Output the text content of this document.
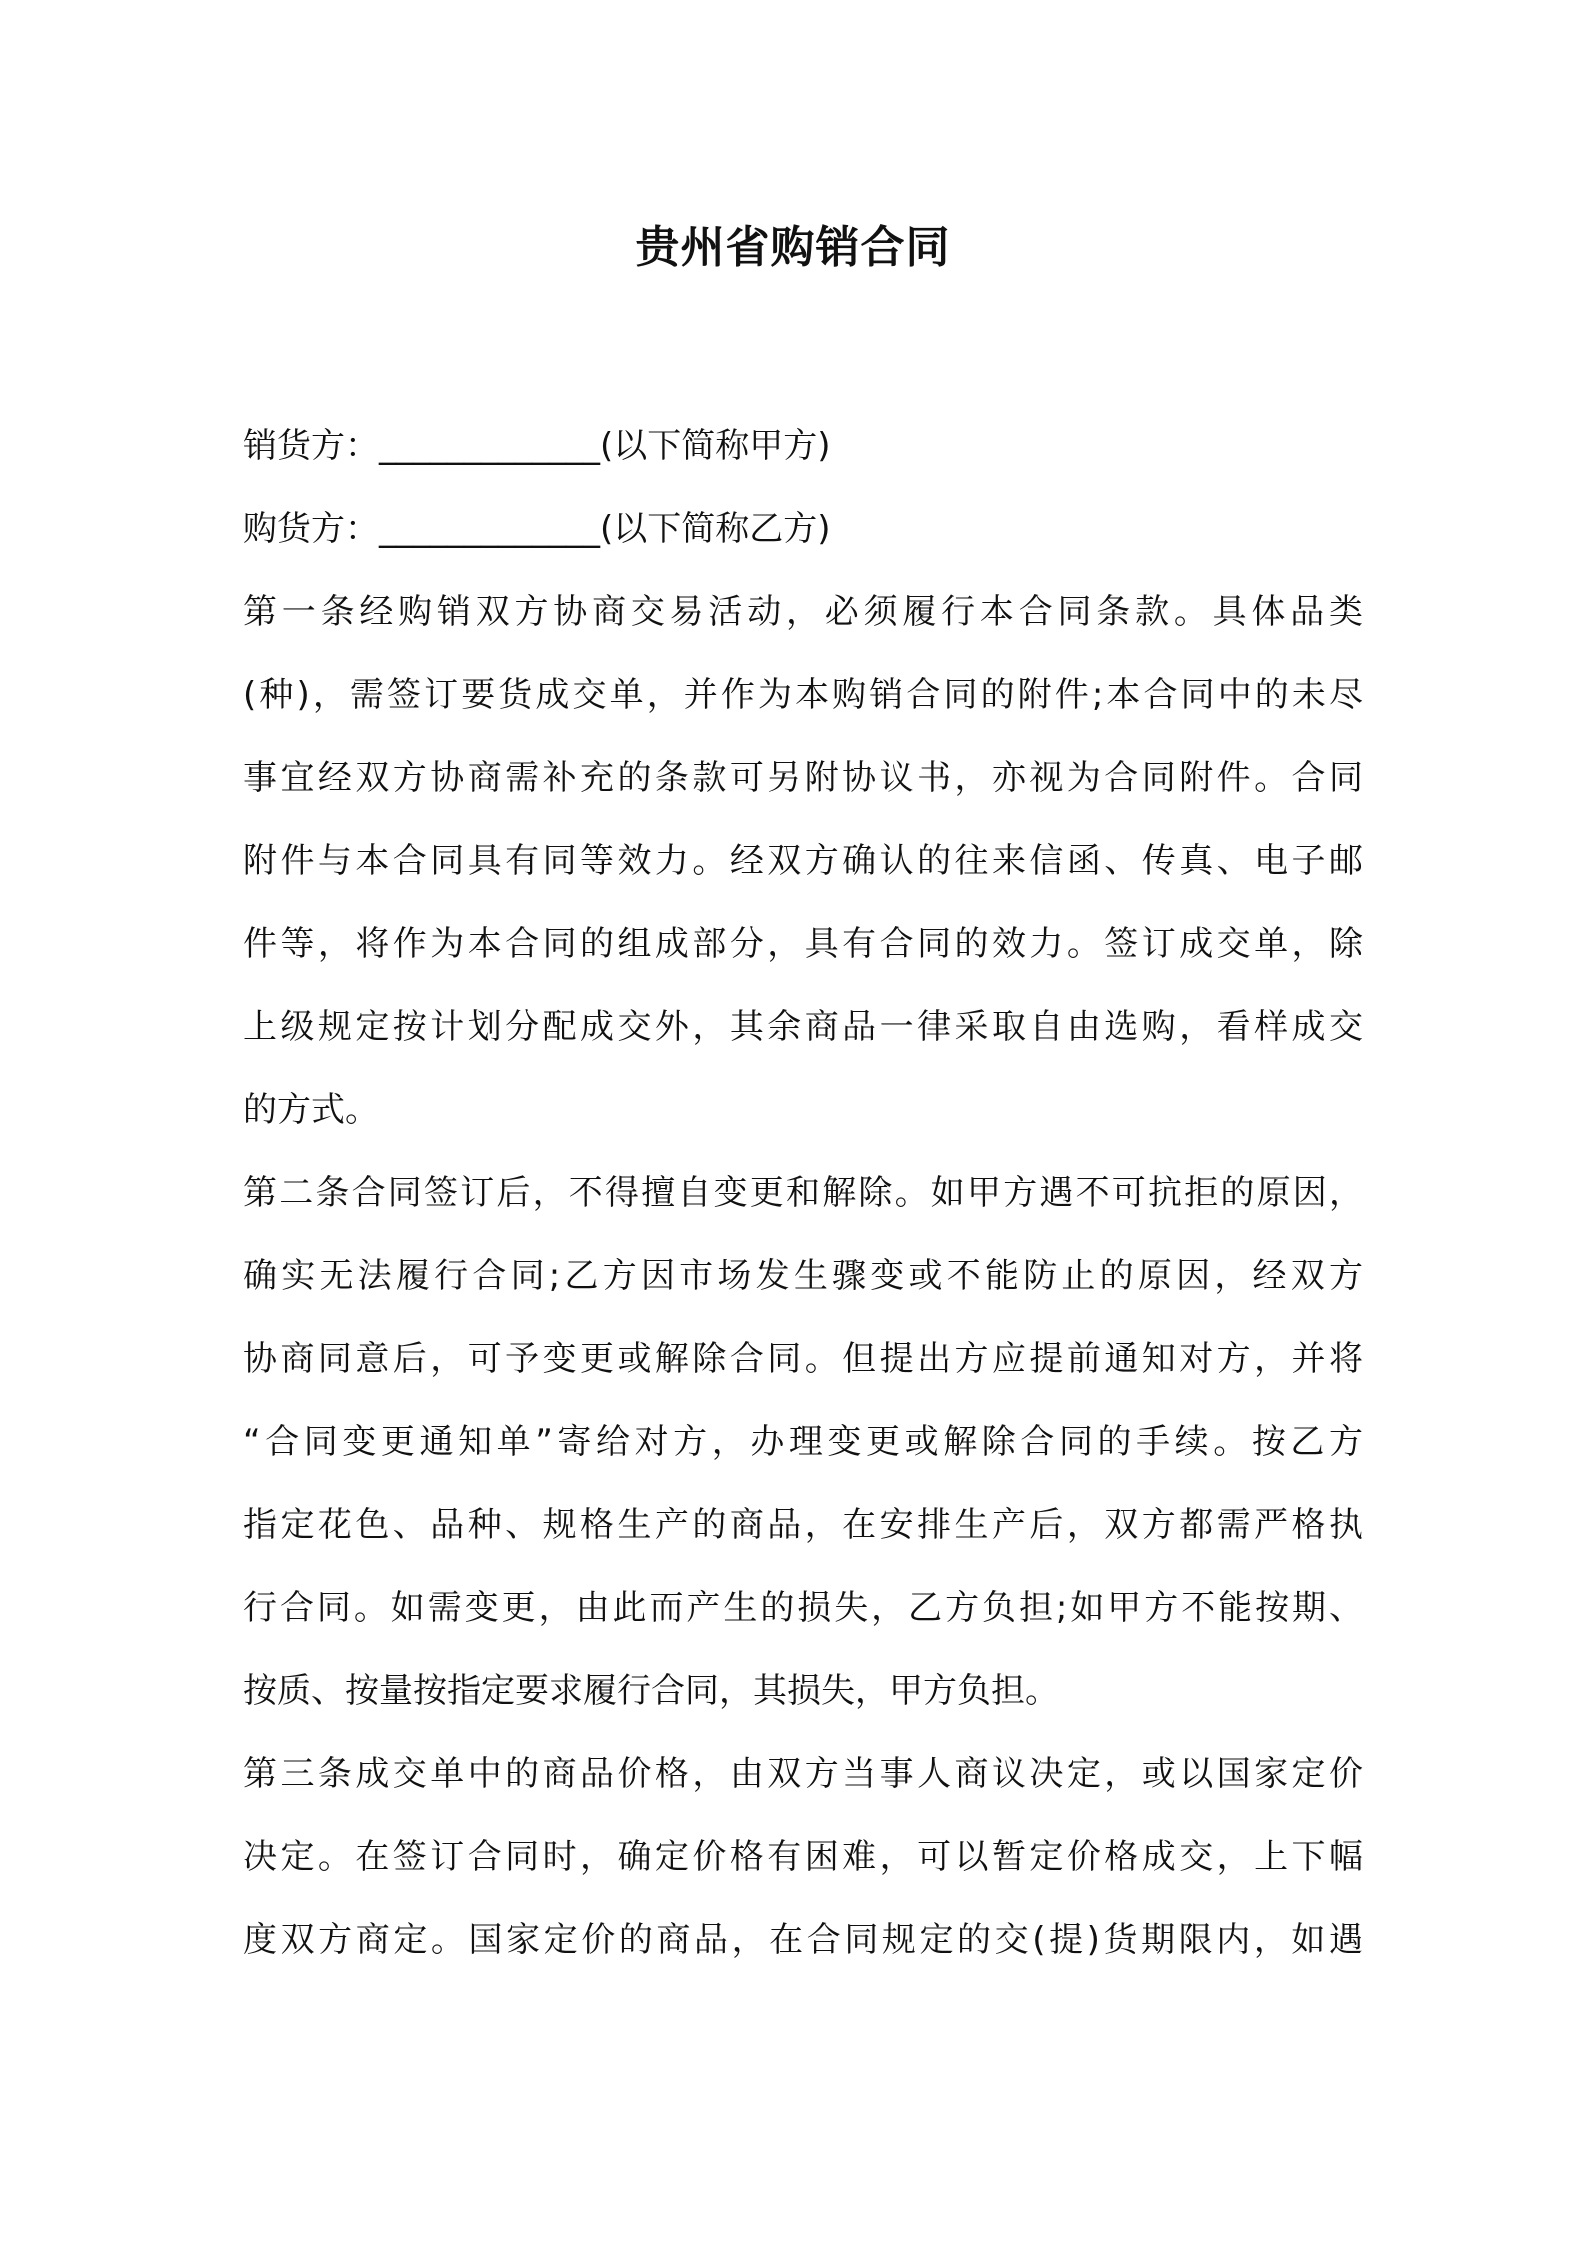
贵州省购销合同
销货方：_____________(以下简称甲方)
购货方：_____________(以下简称乙方)
第一条经购销双方协商交易活动，必须履行本合同条款。具体品类
(种)，需签订要货成交单，并作为本购销合同的附件;本合同中的未尽
事宜经双方协商需补充的条款可另附协议书，亦视为合同附件。合同
附件与本合同具有同等效力。经双方确认的往来信函、传真、电子邮
件等，将作为本合同的组成部分，具有合同的效力。签订成交单，除
上级规定按计划分配成交外，其余商品一律采取自由选购，看样成交
的方式。
第二条合同签订后，不得擅自变更和解除。如甲方遇不可抗拒的原因，
确实无法履行合同;乙方因市场发生骤变或不能防止的原因，经双方
协商同意后，可予变更或解除合同。但提出方应提前通知对方，并将
“合同变更通知单”寄给对方，办理变更或解除合同的手续。按乙方
指定花色、品种、规格生产的商品，在安排生产后，双方都需严格执
行合同。如需变更，由此而产生的损失，乙方负担;如甲方不能按期、
按质、按量按指定要求履行合同，其损失，甲方负担。
第三条成交单中的商品价格，由双方当事人商议决定，或以国家定价
决定。在签订合同时，确定价格有困难，可以暂定价格成交，上下幅
度双方商定。国家定价的商品，在合同规定的交(提)货期限内，如遇
